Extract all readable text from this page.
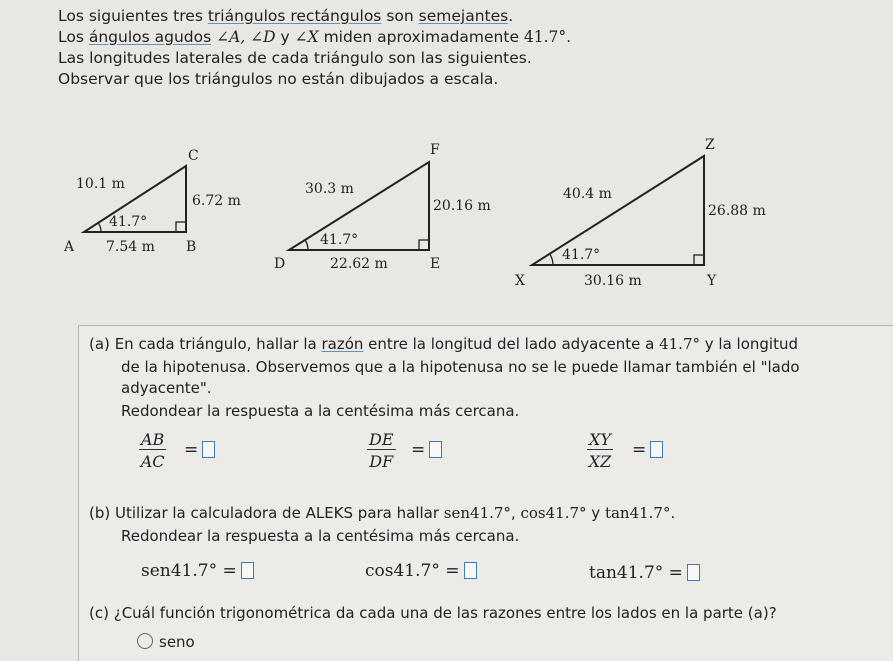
Los siguientes tres triángulos rectángulos son semejantes.
Los ángulos agudos ∠A, ∠D y ∠X miden aproximadamente 41.7°.
Las longitudes laterales de cada triángulo son las siguientes.
Observar que los triángulos no están dibujados a escala.
C
A	B
10.1 m
6.72 m
7.54 m
41.7°
F
D	E
30.3 m
20.16 m
22.62 m
41.7°
Z
X	Y
40.4 m
26.88 m
30.16 m
41.7°
(a) En cada triángulo, hallar la razón entre la longitud del lado adyacente a 41.7° y la longitud
de la hipotenusa. Observemos que a la hipotenusa no se le puede llamar también el "lado
adyacente".
Redondear la respuesta a la centésima más cercana.
$\frac{AB}{AC}$ =	$\frac{DE}{DF}$ =	$\frac{XY}{XZ}$ =
(b) Utilizar la calculadora de ALEKS para hallar sen41.7°, cos41.7° y tan41.7°.
Redondear la respuesta a la centésima más cercana.
sen41.7° =	cos41.7° =	tan41.7° =
(c) ¿Cuál función trigonométrica da cada una de las razones entre los lados en la parte (a)?
seno
